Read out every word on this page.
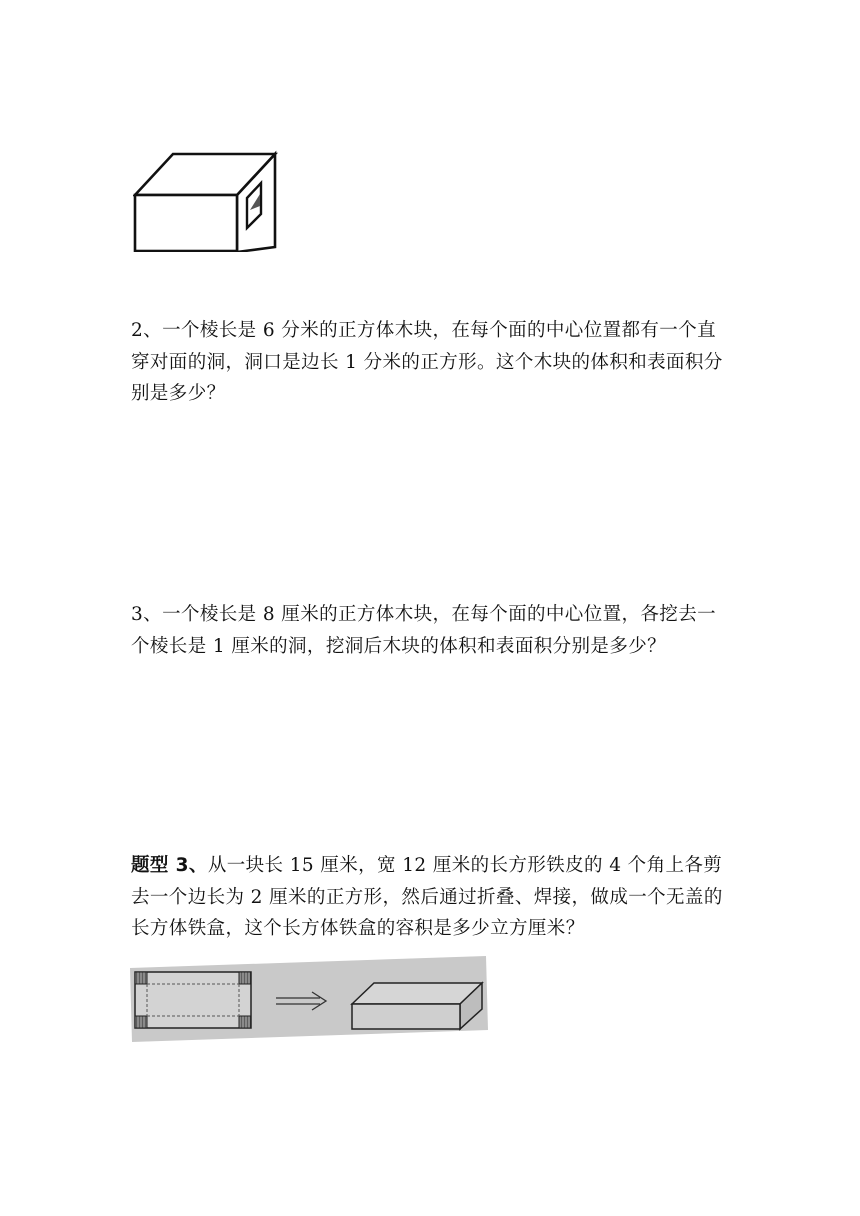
2、一个棱长是 6 分米的正方体木块，在每个面的中心位置都有一个直穿对面的洞，洞口是边长 1 分米的正方形。这个木块的体积和表面积分别是多少？

3、一个棱长是 8 厘米的正方体木块，在每个面的中心位置，各挖去一个棱长是 1 厘米的洞，挖洞后木块的体积和表面积分别是多少？

题型 3、从一块长 15 厘米，宽 12 厘米的长方形铁皮的 4 个角上各剪去一个边长为 2 厘米的正方形，然后通过折叠、焊接，做成一个无盖的长方体铁盒，这个长方体铁盒的容积是多少立方厘米？
